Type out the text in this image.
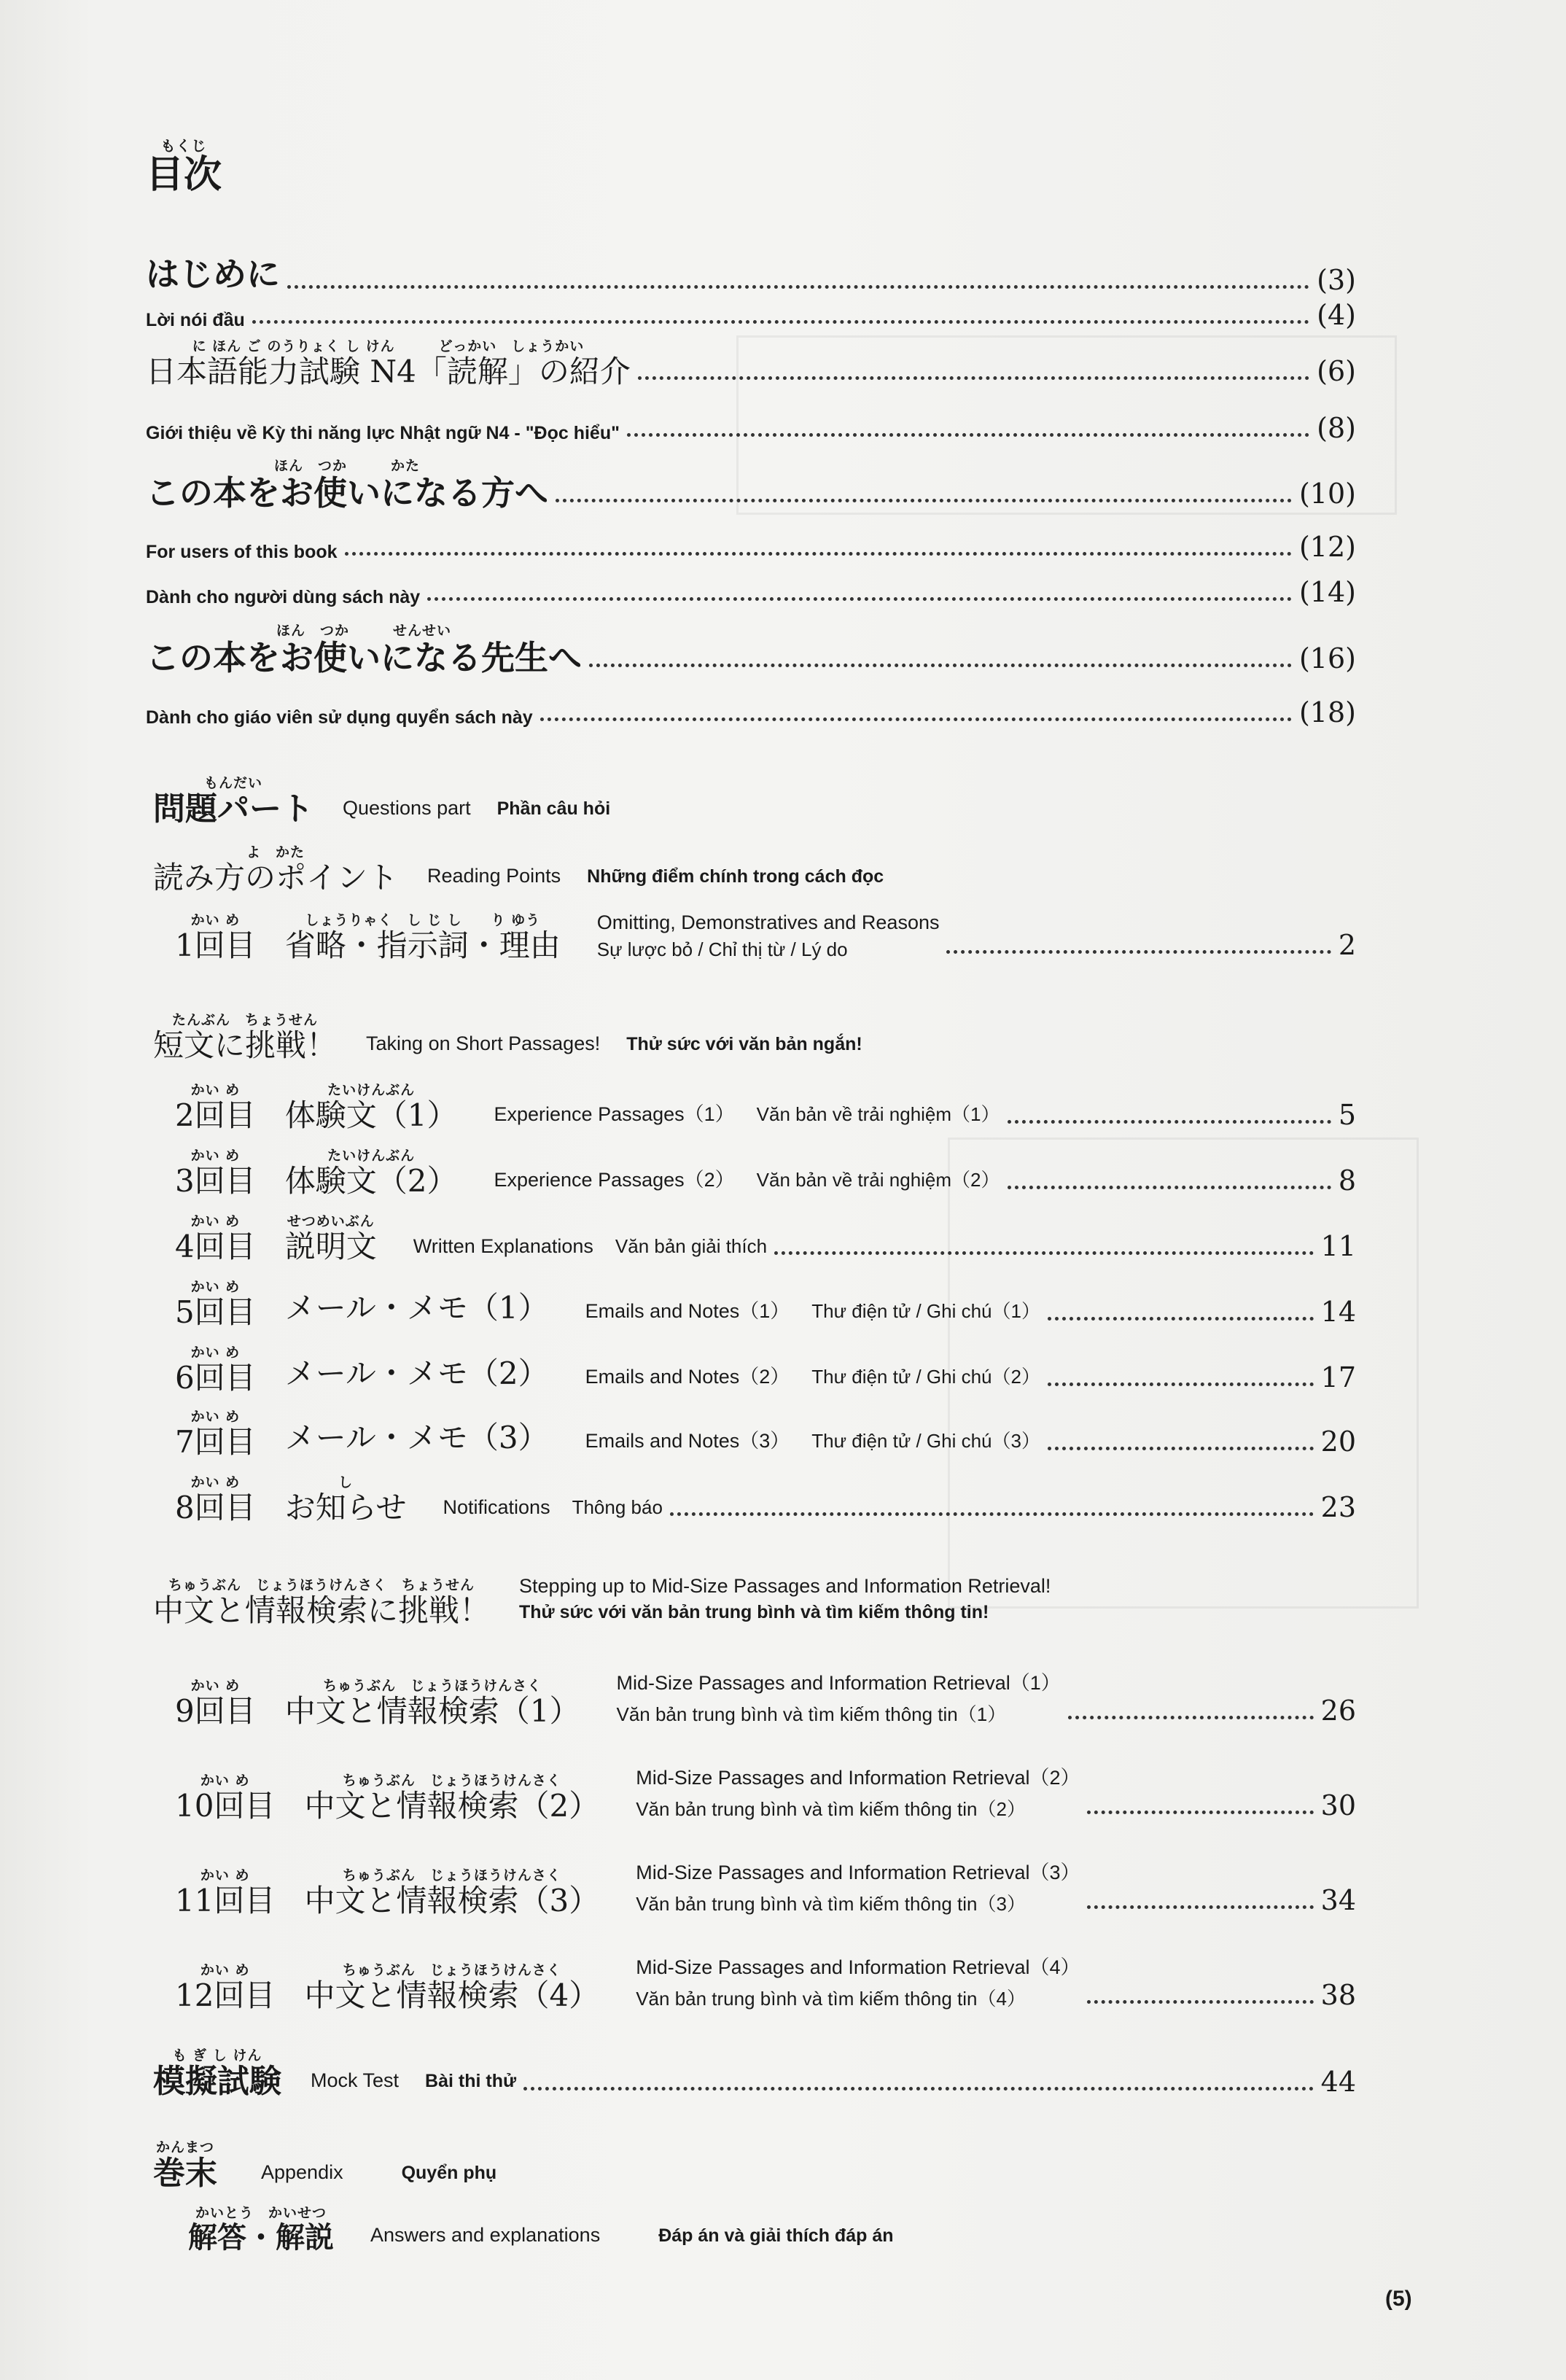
もくじ
目次
はじめに	(3)
Lời nói đầu	(4)
に ほん ご のうりょく し けん　　　どっかい　しょうかい
日本語能力試験 N4「読解」の紹介	(6)
Giới thiệu về Kỳ thi năng lực Nhật ngữ N4 - "Đọc hiểu"	(8)
ほん　つか　　　かた
この本をお使いになる方へ	(10)
For users of this book	(12)
Dành cho người dùng sách này	(14)
ほん　つか　　　せんせい
この本をお使いになる先生へ	(16)
Dành cho giáo viên sử dụng quyển sách này	(18)
もんだい
問題パート Questions part Phần câu hỏi
よ　かた
読み方のポイント Reading Points Những điểm chính trong cách đọc
かい め
1回目
しょうりゃく　し じ し　　り ゆう
省略・指示詞・理由
Omitting, Demonstratives and Reasons
Sự lược bỏ / Chỉ thị từ / Lý do	2
たんぶん　ちょうせん
短文に挑戦！ Taking on Short Passages! Thử sức với văn bản ngắn!
かい め
2回目
たいけんぶん
体験文（1） Experience Passages（1） Văn bản về trải nghiệm（1）	5
かい め
3回目
たいけんぶん
体験文（2） Experience Passages（2） Văn bản về trải nghiệm（2）	8
かい め
4回目
せつめいぶん
説明文 Written Explanations Văn bản giải thích	11
かい め
5回目 メール・メモ（1） Emails and Notes（1） Thư điện tử / Ghi chú（1）	14
かい め
6回目 メール・メモ（2） Emails and Notes（2） Thư điện tử / Ghi chú（2）	17
かい め
7回目 メール・メモ（3） Emails and Notes（3） Thư điện tử / Ghi chú（3）	20
かい め
8回目
し
お知らせ Notifications Thông báo	23
ちゅうぶん　じょうほうけんさく　ちょうせん
中文と情報検索に挑戦！
Stepping up to Mid-Size Passages and Information Retrieval!
Thử sức với văn bản trung bình và tìm kiếm thông tin!
かい め
9回目
ちゅうぶん　じょうほうけんさく
中文と情報検索（1）
Mid-Size Passages and Information Retrieval（1）
Văn bản trung bình và tìm kiếm thông tin（1）	26
かい め
10回目
ちゅうぶん　じょうほうけんさく
中文と情報検索（2）
Mid-Size Passages and Information Retrieval（2）
Văn bản trung bình và tìm kiếm thông tin（2）	30
かい め
11回目
ちゅうぶん　じょうほうけんさく
中文と情報検索（3）
Mid-Size Passages and Information Retrieval（3）
Văn bản trung bình và tìm kiếm thông tin（3）	34
かい め
12回目
ちゅうぶん　じょうほうけんさく
中文と情報検索（4）
Mid-Size Passages and Information Retrieval（4）
Văn bản trung bình và tìm kiếm thông tin（4）	38
も ぎ し けん
模擬試験 Mock Test Bài thi thử	44
かんまつ
巻末 Appendix	Quyển phụ
かいとう　かいせつ
解答・解説 Answers and explanations	Đáp án và giải thích đáp án
(5)
